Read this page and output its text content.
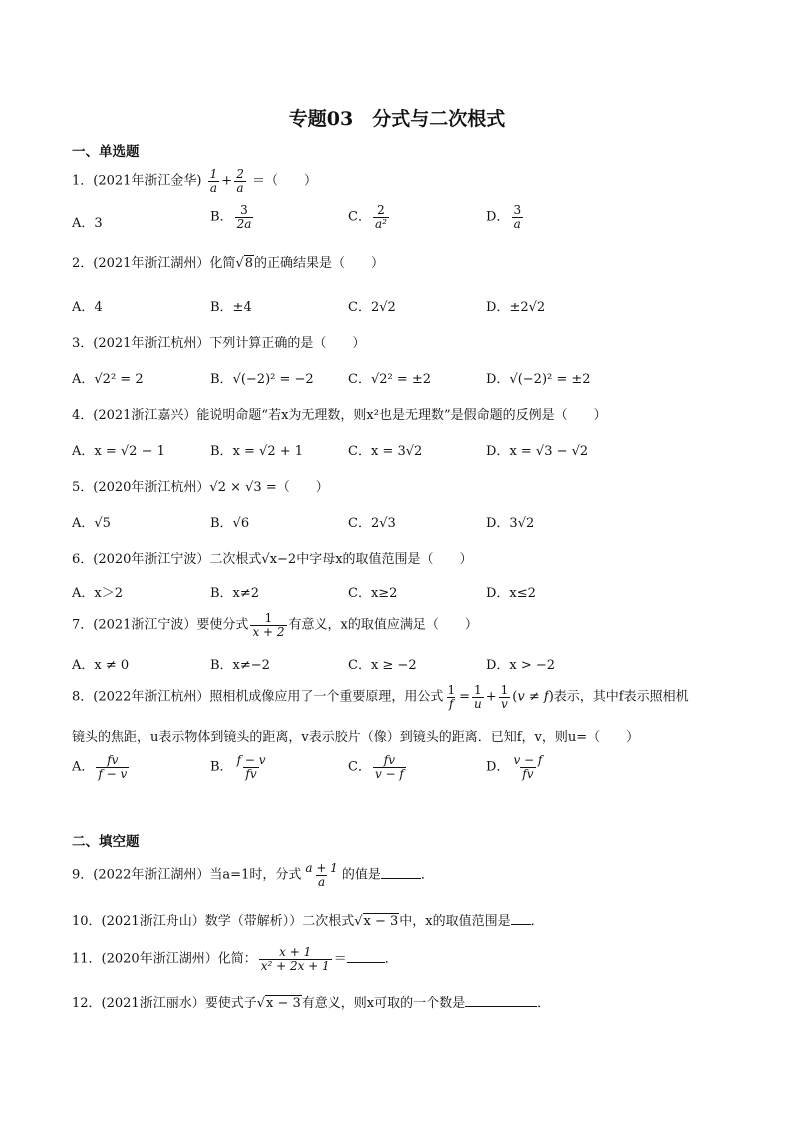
专题03　分式与二次根式
一、单选题
1．(2021年浙江金华) $\frac{1}{a} + \frac{2}{a}$ ＝（　　）
A．3	B． $\frac{3}{2a}$	C． $\frac{2}{\text{a²}}$	D． $\frac{3}{a}$
2．(2021年浙江湖州）化简√8的正确结果是（　　）
A．4	B．±4	C．2√2	D．±2√2
3．(2021年浙江杭州）下列计算正确的是（　　）
A．√2² = 2	B．√(−2)² = −2	C．√2² = ±2	D．√(−2)² = ±2
4．(2021浙江嘉兴）能说明命题“若x为无理数，则x²也是无理数”是假命题的反例是（　　）
A．x = √2 − 1	B．x = √2 + 1	C．x = 3√2	D．x = √3 − √2
5．(2020年浙江杭州）√2 × √3 =（　　）
A．√5	B．√6	C．2√3	D．3√2
6．(2020年浙江宁波）二次根式√x−2中字母x的取值范围是（　　）
A．x＞2	B．x≠2	C．x≥2	D．x≤2
7．(2021浙江宁波）要使分式 $\frac{1}{x + 2}$ 有意义，x的取值应满足（　　）
A．x ≠ 0	B．x≠−2	C．x ≥ −2	D．x > −2
8．(2022年浙江杭州）照相机成像应用了一个重要原理，用公式 $\frac{1}{f} = \frac{1}{u} + \frac{1}{v} (v \ne f)$表示，其中f表示照相机
镜头的焦距，u表示物体到镜头的距离，v表示胶片（像）到镜头的距离．已知f，v，则u=（　　）
A． $\frac{fv}{f - v}$	B． $\frac{f - v}{fv}$	C． $\frac{fv}{v - f}$	D． $\frac{v - f}{fv}$
二、填空题
9．(2022年浙江湖州）当a=1时，分式 $\frac{a + 1}{a}$ 的值是	．
10．(2021浙江舟山）数学（带解析））二次根式√x − 3中，x的取值范围是 ．
11．(2020年浙江湖州）化简： $\frac{x + 1}{\text{x² + 2x + 1}}$ ＝	．
12．(2021浙江丽水）要使式子√x − 3有意义，则x可取的一个数是	．
